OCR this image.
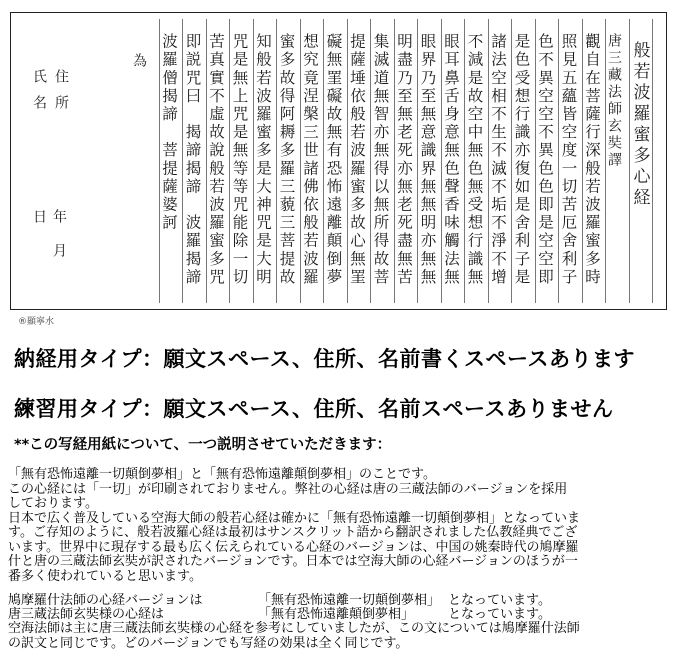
般若波羅蜜多心経
唐三藏法師玄奘譯
觀自在菩薩行深般若波羅蜜多時
照見五蘊皆空度一切苦厄舍利子
色不異空空不異色色即是空空即
是色受想行識亦復如是舍利子是
諸法空相不生不滅不垢不淨不增
不減是故空中無色無受想行識無
眼耳鼻舌身意無色聲香味觸法無
眼界乃至無意識界無無明亦無無
明盡乃至無老死亦無老死盡無苦
集滅道無智亦無得以無所得故菩
提薩埵依般若波羅蜜多故心無罣
礙無罣礙故無有恐怖遠離顛倒夢
想究竟涅槃三世諸佛依般若波羅
蜜多故得阿耨多羅三藐三菩提故
知般若波羅蜜多是大神咒是大明
咒是無上咒是無等等咒能除一切
苦真實不虛故說般若波羅蜜多咒
即説咒曰　揭諦揭諦　波羅揭諦
波羅僧揭諦　菩提薩婆訶
為
住所
氏名
年月日
®顯寧水
納経用タイプ：願文スペース、住所、名前書くスペースあります
練習用タイプ：願文スペース、住所、名前スペースありません
**この写経用紙について、一つ説明させていただきます：

「無有恐怖遠離一切顛倒夢相」と「無有恐怖遠離顛倒夢相」のことです。

この心経には「一切」が印刷されておりません。弊社の心経は唐の三蔵法師のバージョンを採用

しております。

日本で広く普及している空海大師の般若心経は確かに「無有恐怖遠離一切顛倒夢相」となっていま

す。ご存知のように、般若波羅心経は最初はサンスクリット語から翻訳されました仏教経典でござ

います。世界中に現存する最も広く伝えられている心経のバージョンは、中国の姚秦時代の鳩摩羅

什と唐の三蔵法師玄奘が訳されたバージョンです。日本では空海大師の心経バージョンのほうが一

番多く使われていると思います。

鳩摩羅什法師の心経バージョンは	「無有恐怖遠離一切顛倒夢相」 となっています。
唐三蔵法師玄奘様の心経は	「無有恐怖遠離顛倒夢相」	となっています。

空海法師は主に唐三蔵法師玄奘様の心経を参考にしていましたが、この文については鳩摩羅什法師

の訳文と同じです。どのバージョンでも写経の効果は全く同じです。
